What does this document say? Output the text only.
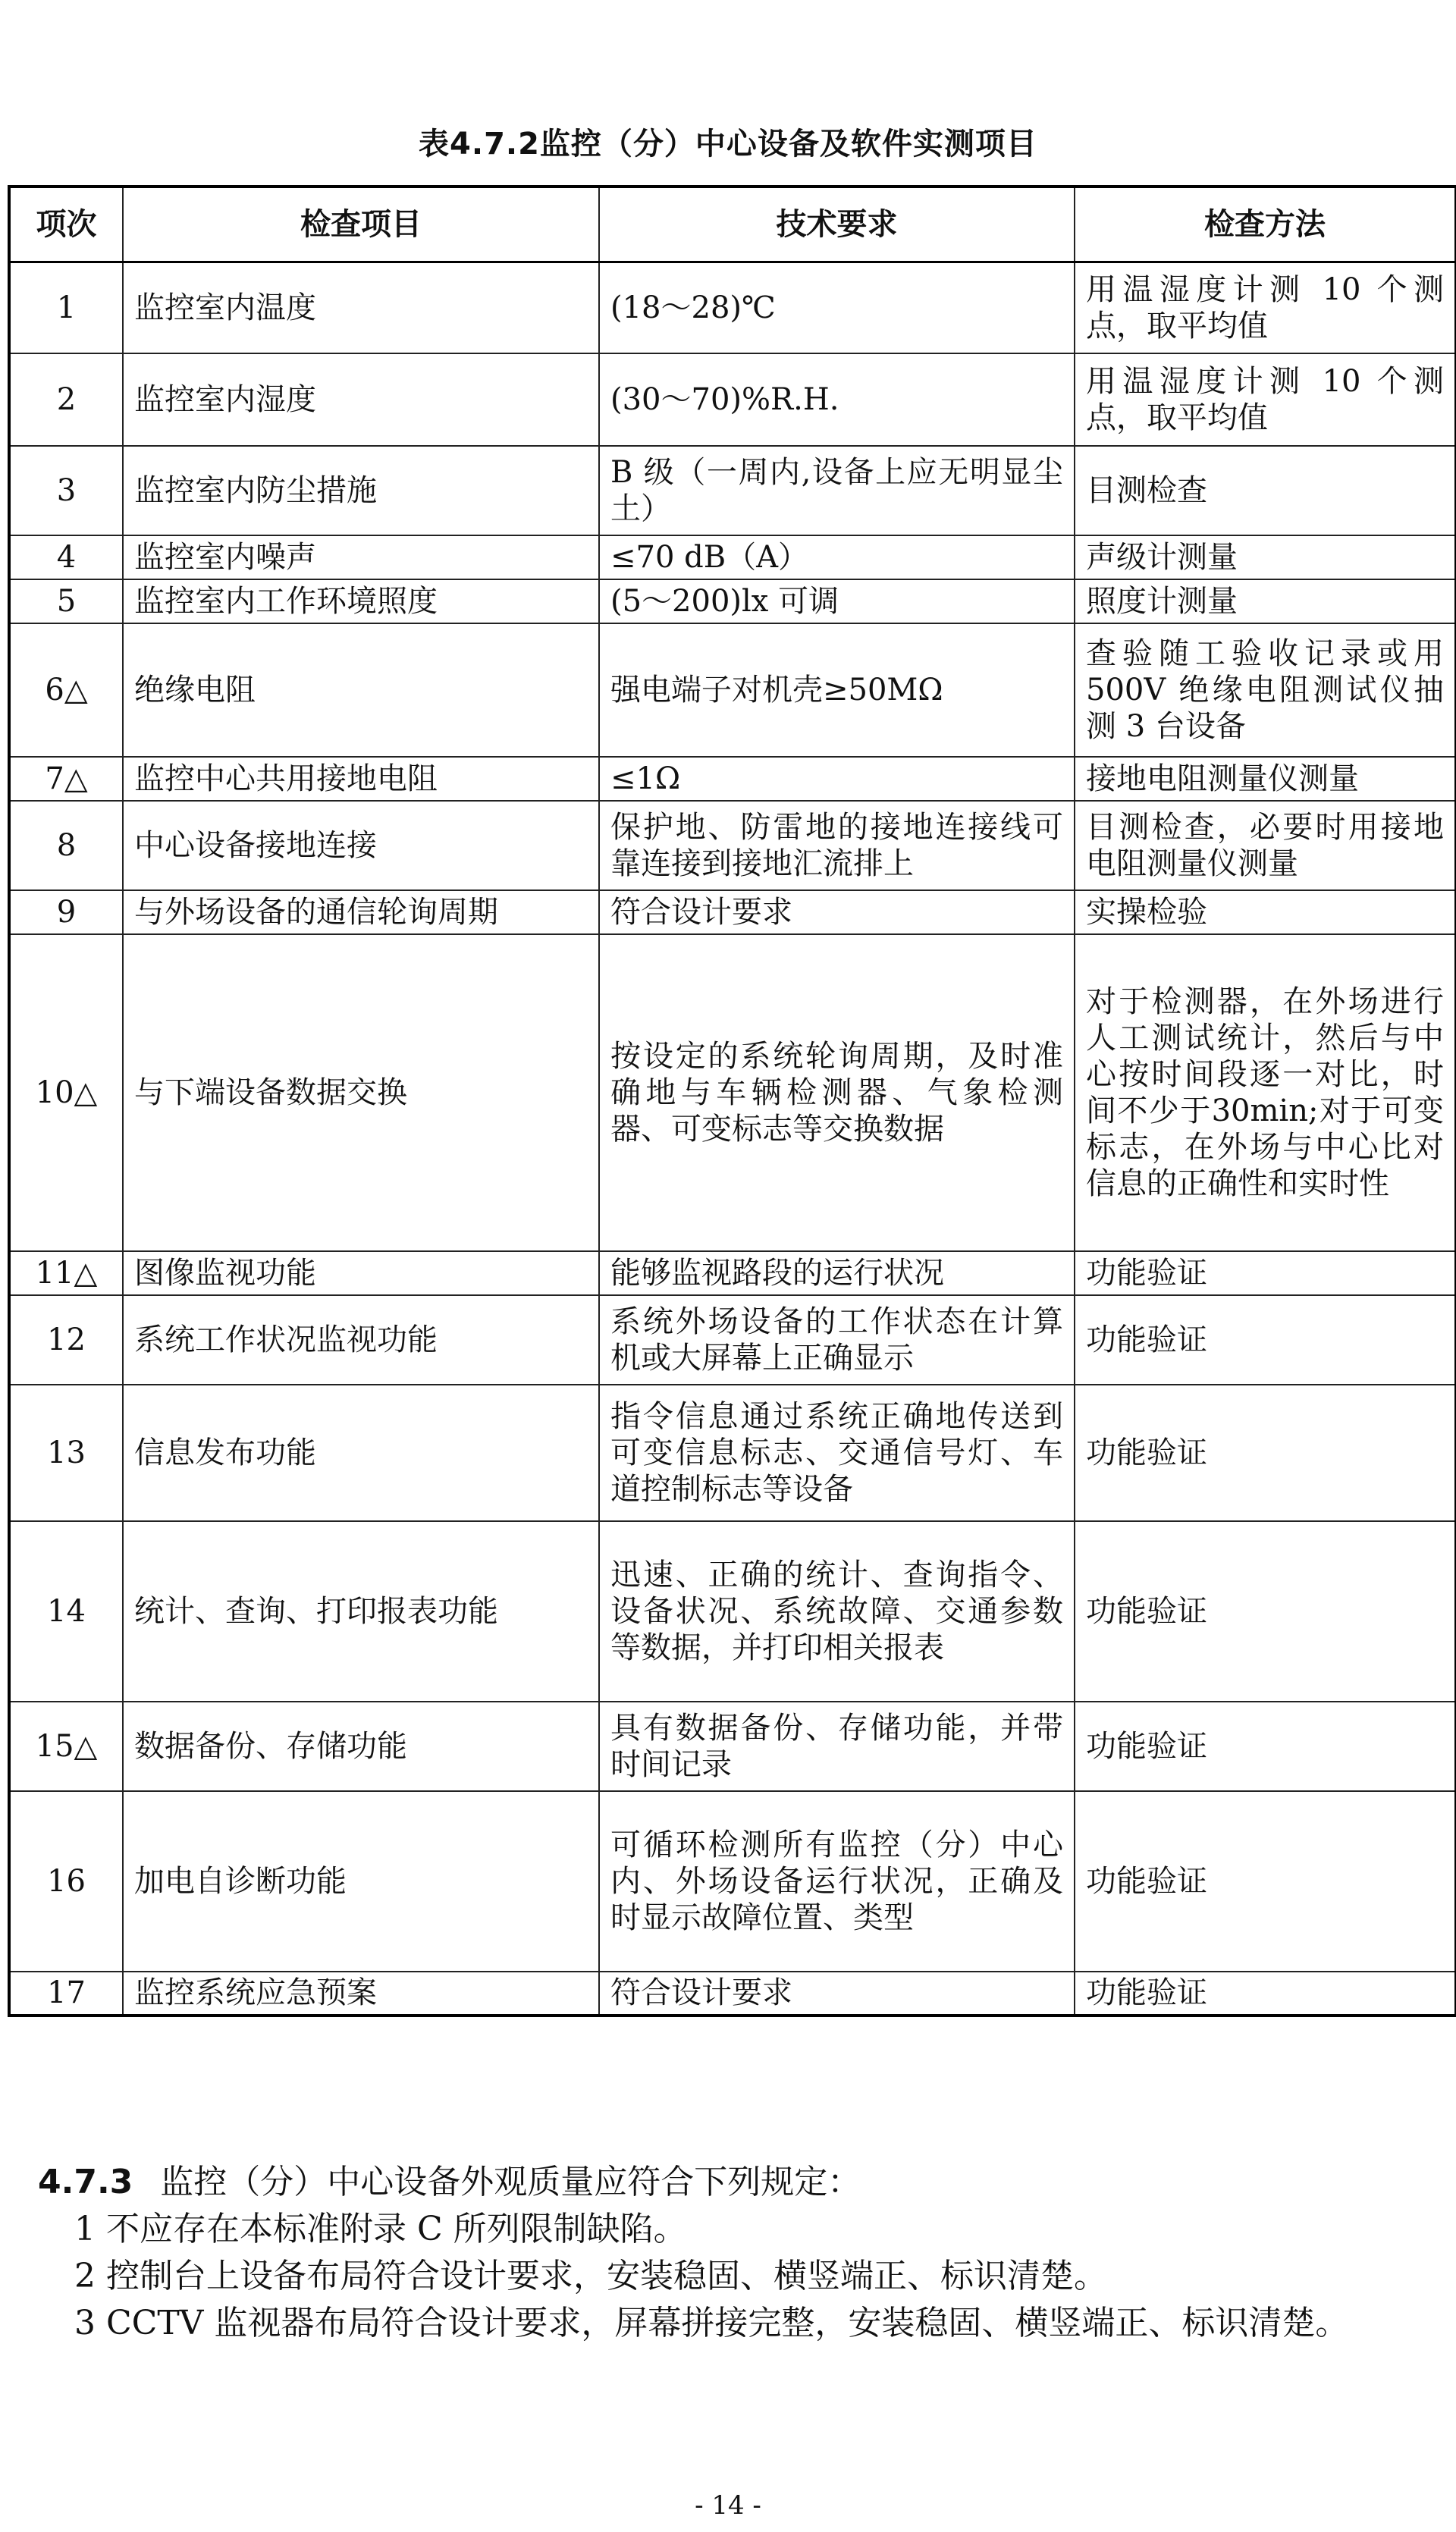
表4.7.2监控（分）中心设备及软件实测项目
项次	检查项目	技术要求	检查方法
1	监控室内温度	(18～28)℃	用温湿度计测 10 个测点，取平均值
2	监控室内湿度	(30～70)%R.H.	用温湿度计测 10 个测点，取平均值
3	监控室内防尘措施	B 级（一周内,设备上应无明显尘土）	目测检查
4	监控室内噪声	≤70 dB（A）	声级计测量
5	监控室内工作环境照度	(5～200)lx 可调	照度计测量
6△	绝缘电阻	强电端子对机壳≥50MΩ	查验随工验收记录或用 500V 绝缘电阻测试仪抽测 3 台设备
7△	监控中心共用接地电阻	≤1Ω	接地电阻测量仪测量
8	中心设备接地连接	保护地、防雷地的接地连接线可靠连接到接地汇流排上	目测检查，必要时用接地电阻测量仪测量
9	与外场设备的通信轮询周期	符合设计要求	实操检验
10△	与下端设备数据交换	按设定的系统轮询周期，及时准确地与车辆检测器、气象检测器、可变标志等交换数据	对于检测器，在外场进行人工测试统计，然后与中心按时间段逐一对比，时间不少于30min;对于可变标志，在外场与中心比对信息的正确性和实时性
11△	图像监视功能	能够监视路段的运行状况	功能验证
12	系统工作状况监视功能	系统外场设备的工作状态在计算机或大屏幕上正确显示	功能验证
13	信息发布功能	指令信息通过系统正确地传送到可变信息标志、交通信号灯、车道控制标志等设备	功能验证
14	统计、查询、打印报表功能	迅速、正确的统计、查询指令、设备状况、系统故障、交通参数等数据，并打印相关报表	功能验证
15△	数据备份、存储功能	具有数据备份、存储功能，并带时间记录	功能验证
16	加电自诊断功能	可循环检测所有监控（分）中心内、外场设备运行状况，正确及时显示故障位置、类型	功能验证
17	监控系统应急预案	符合设计要求	功能验证
4.7.3 监控（分）中心设备外观质量应符合下列规定：
1 不应存在本标准附录 C 所列限制缺陷。
2 控制台上设备布局符合设计要求，安装稳固、横竖端正、标识清楚。
3 CCTV 监视器布局符合设计要求，屏幕拼接完整，安装稳固、横竖端正、标识清楚。
- 14 -
